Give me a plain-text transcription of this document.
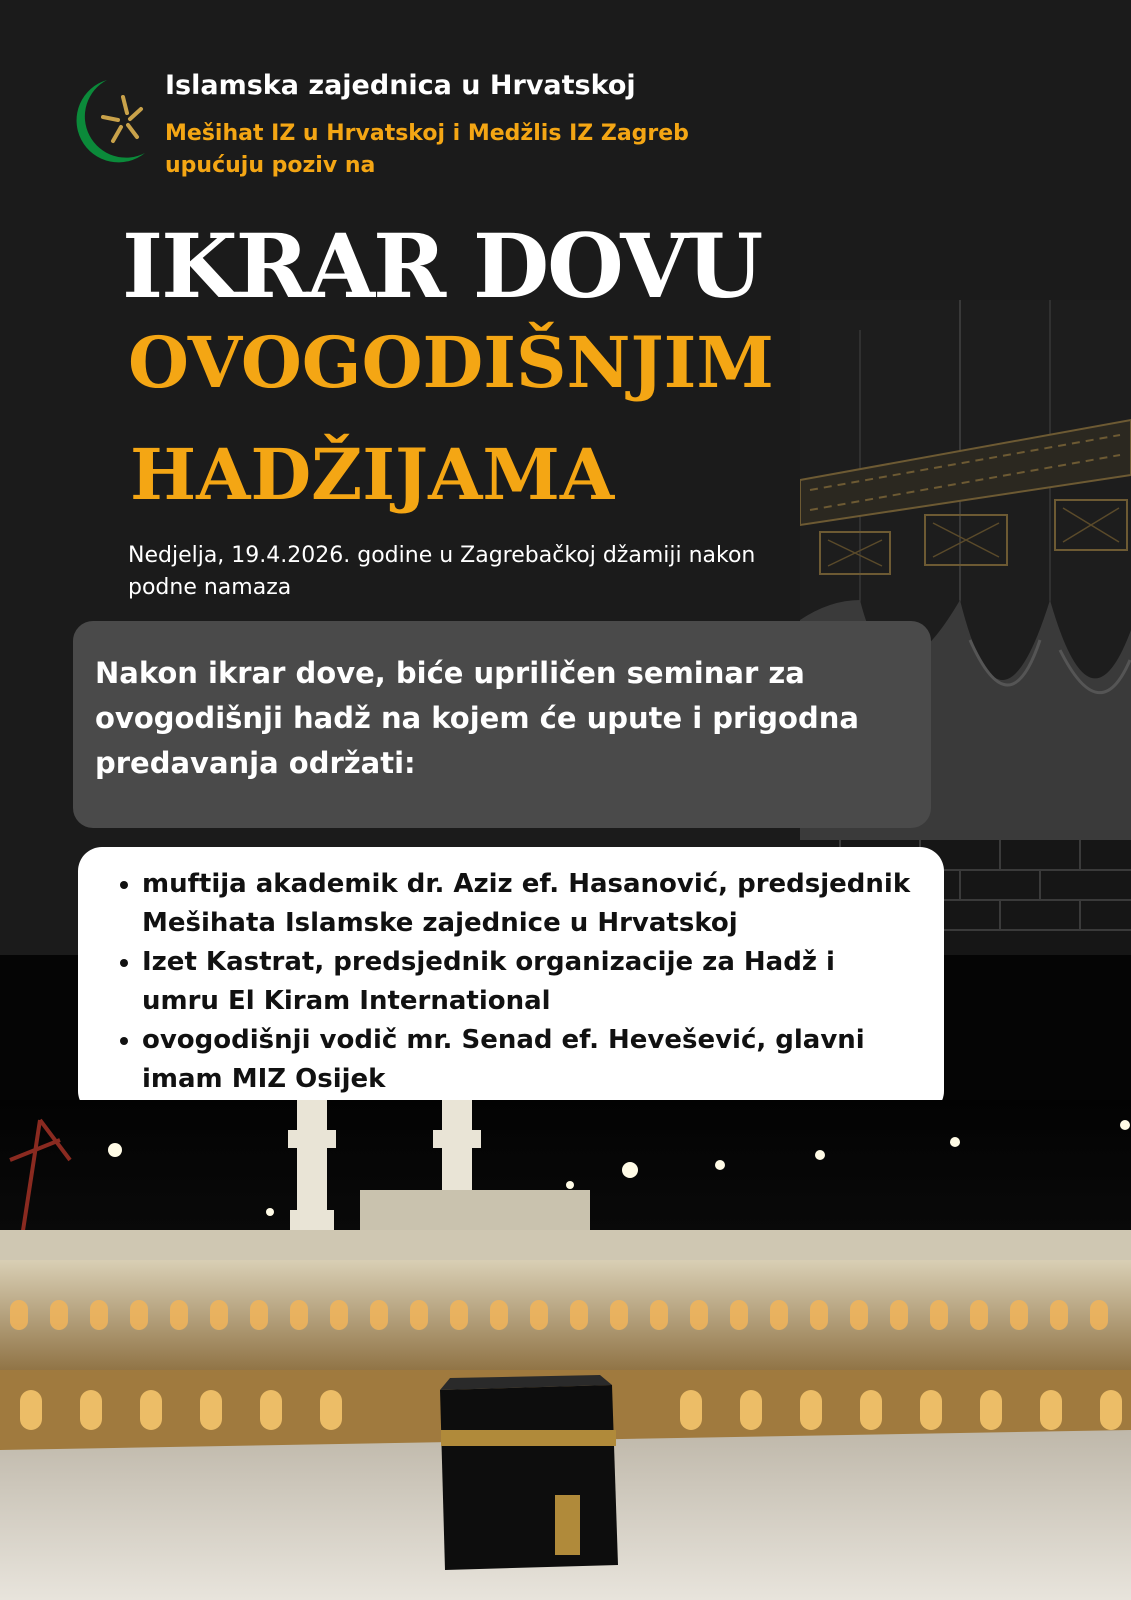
Islamska zajednica u Hrvatskoj
Mešihat IZ u Hrvatskoj i Medžlis IZ Zagreb upućuju poziv na
IKRAR DOVU
OVOGODIŠNJIM
HADŽIJAMA
Nedjelja, 19.4.2026. godine u Zagrebačkoj džamiji nakon podne namaza

Nakon ikrar dove, biće upriličen seminar za ovogodišnji hadž na kojem će upute i prigodna predavanja održati:

muftija akademik dr. Aziz ef. Hasanović, predsjednik Mešihata Islamske zajednice u Hrvatskoj
Izet Kastrat, predsjednik organizacije za Hadž i umru El Kiram International
ovogodišnji vodič mr. Senad ef. Hevešević, glavni imam MIZ Osijek
